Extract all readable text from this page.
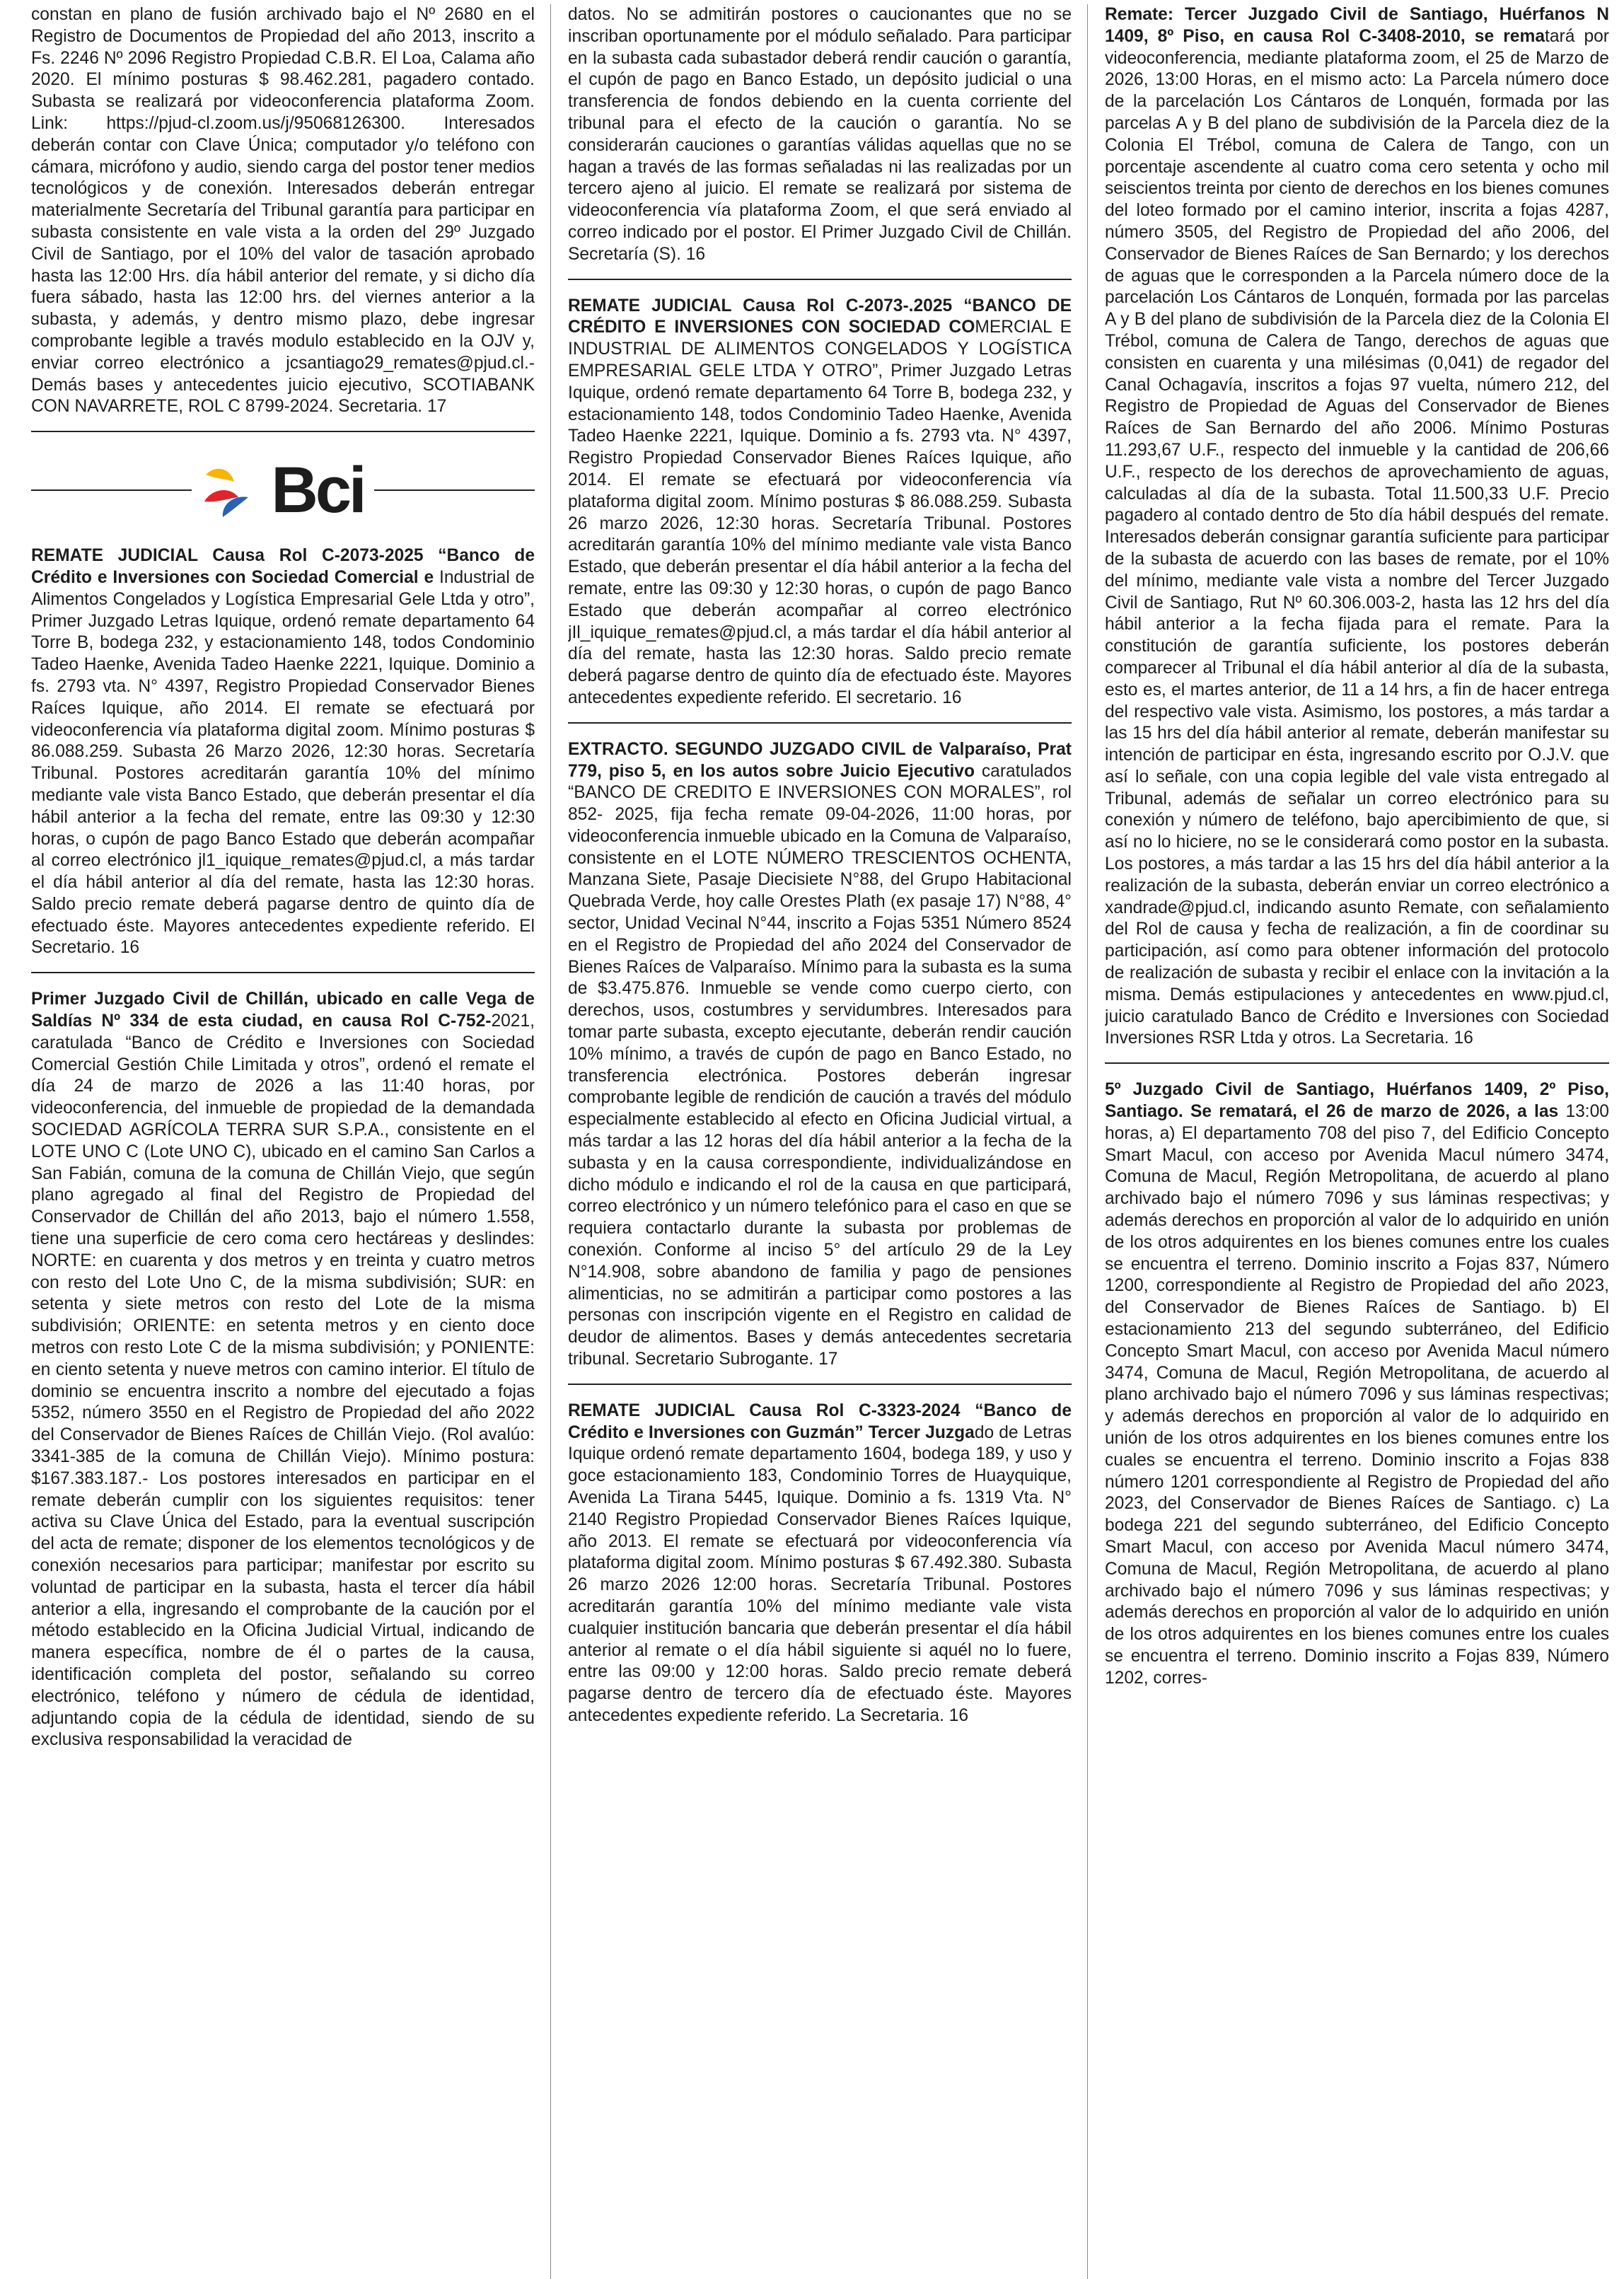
constan en plano de fusión archivado bajo el Nº 2680 en el Registro de Documentos de Propiedad del año 2013, inscrito a Fs. 2246 Nº 2096 Registro Propiedad C.B.R. El Loa, Calama año 2020. El mínimo posturas $ 98.462.281, pagadero contado. Subasta se realizará por videoconferencia plataforma Zoom. Link: https://pjud-cl.zoom.us/j/95068126300. Interesados deberán contar con Clave Única; computador y/o teléfono con cámara, micrófono y audio, siendo carga del postor tener medios tecnológicos y de conexión. Interesados deberán entregar materialmente Secretaría del Tribunal garantía para participar en subasta consistente en vale vista a la orden del 29º Juzgado Civil de Santiago, por el 10% del valor de tasación aprobado hasta las 12:00 Hrs. día hábil anterior del remate, y si dicho día fuera sábado, hasta las 12:00 hrs. del viernes anterior a la subasta, y además, y dentro mismo plazo, debe ingresar comprobante legible a través modulo establecido en la OJV y, enviar correo electrónico a jcsantiago29_remates@pjud.cl.- Demás bases y antecedentes juicio ejecutivo, SCOTIABANK CON NAVARRETE, ROL C 8799-2024. Secretaria. 17

Bci

REMATE JUDICIAL Causa Rol C-2073-2025 “Banco de Crédito e Inversiones con Sociedad Comercial e Industrial de Alimentos Congelados y Logística Empresarial Gele Ltda y otro”, Primer Juzgado Letras Iquique, ordenó remate departamento 64 Torre B, bodega 232, y estacionamiento 148, todos Condominio Tadeo Haenke, Avenida Tadeo Haenke 2221, Iquique. Dominio a fs. 2793 vta. N° 4397, Registro Propiedad Conservador Bienes Raíces Iquique, año 2014. El remate se efectuará por videoconferencia vía plataforma digital zoom. Mínimo posturas $ 86.088.259. Subasta 26 Marzo 2026, 12:30 horas. Secretaría Tribunal. Postores acreditarán garantía 10% del mínimo mediante vale vista Banco Estado, que deberán presentar el día hábil anterior a la fecha del remate, entre las 09:30 y 12:30 horas, o cupón de pago Banco Estado que deberán acompañar al correo electrónico jl1_iquique_remates@pjud.cl, a más tardar el día hábil anterior al día del remate, hasta las 12:30 horas. Saldo precio remate deberá pagarse dentro de quinto día de efectuado éste. Mayores antecedentes expediente referido. El Secretario. 16

Primer Juzgado Civil de Chillán, ubicado en calle Vega de Saldías Nº 334 de esta ciudad, en causa Rol C-752-2021, caratulada “Banco de Crédito e Inversiones con Sociedad Comercial Gestión Chile Limitada y otros”, ordenó el remate el día 24 de marzo de 2026 a las 11:40 horas, por videoconferencia, del inmueble de propiedad de la demandada SOCIEDAD AGRÍCOLA TERRA SUR S.P.A., consistente en el LOTE UNO C (Lote UNO C), ubicado en el camino San Carlos a San Fabián, comuna de la comuna de Chillán Viejo, que según plano agregado al final del Registro de Propiedad del Conservador de Chillán del año 2013, bajo el número 1.558, tiene una superficie de cero coma cero hectáreas y deslindes: NORTE: en cuarenta y dos metros y en treinta y cuatro metros con resto del Lote Uno C, de la misma subdivisión; SUR: en setenta y siete metros con resto del Lote de la misma subdivisión; ORIENTE: en setenta metros y en ciento doce metros con resto Lote C de la misma subdivisión; y PONIENTE: en ciento setenta y nueve metros con camino interior. El título de dominio se encuentra inscrito a nombre del ejecutado a fojas 5352, número 3550 en el Registro de Propiedad del año 2022 del Conservador de Bienes Raíces de Chillán Viejo. (Rol avalúo: 3341-385 de la comuna de Chillán Viejo). Mínimo postura: $167.383.187.- Los postores interesados en participar en el remate deberán cumplir con los siguientes requisitos: tener activa su Clave Única del Estado, para la eventual suscripción del acta de remate; disponer de los elementos tecnológicos y de conexión necesarios para participar; manifestar por escrito su voluntad de participar en la subasta, hasta el tercer día hábil anterior a ella, ingresando el comprobante de la caución por el método establecido en la Oficina Judicial Virtual, indicando de manera específica, nombre de él o partes de la causa, identificación completa del postor, señalando su correo electrónico, teléfono y número de cédula de identidad, adjuntando copia de la cédula de identidad, siendo de su exclusiva responsabilidad la veracidad de

datos. No se admitirán postores o caucionantes que no se inscriban oportunamente por el módulo señalado. Para participar en la subasta cada subastador deberá rendir caución o garantía, el cupón de pago en Banco Estado, un depósito judicial o una transferencia de fondos debiendo en la cuenta corriente del tribunal para el efecto de la caución o garantía. No se considerarán cauciones o garantías válidas aquellas que no se hagan a través de las formas señaladas ni las realizadas por un tercero ajeno al juicio. El remate se realizará por sistema de videoconferencia vía plataforma Zoom, el que será enviado al correo indicado por el postor. El Primer Juzgado Civil de Chillán. Secretaría (S). 16

REMATE JUDICIAL Causa Rol C-2073-.2025 “BANCO DE CRÉDITO E INVERSIONES CON SOCIEDAD COMERCIAL E INDUSTRIAL DE ALIMENTOS CONGELADOS Y LOGÍSTICA EMPRESARIAL GELE LTDA Y OTRO”, Primer Juzgado Letras Iquique, ordenó remate departamento 64 Torre B, bodega 232, y estacionamiento 148, todos Condominio Tadeo Haenke, Avenida Tadeo Haenke 2221, Iquique. Dominio a fs. 2793 vta. N° 4397, Registro Propiedad Conservador Bienes Raíces Iquique, año 2014. El remate se efectuará por videoconferencia vía plataforma digital zoom. Mínimo posturas $ 86.088.259. Subasta 26 marzo 2026, 12:30 horas. Secretaría Tribunal. Postores acreditarán garantía 10% del mínimo mediante vale vista Banco Estado, que deberán presentar el día hábil anterior a la fecha del remate, entre las 09:30 y 12:30 horas, o cupón de pago Banco Estado que deberán acompañar al correo electrónico jIl_iquique_remates@pjud.cl, a más tardar el día hábil anterior al día del remate, hasta las 12:30 horas. Saldo precio remate deberá pagarse dentro de quinto día de efectuado éste. Mayores antecedentes expediente referido. El secretario. 16

EXTRACTO. SEGUNDO JUZGADO CIVIL de Valparaíso, Prat 779, piso 5, en los autos sobre Juicio Ejecutivo caratulados “BANCO DE CREDITO E INVERSIONES CON MORALES”, rol 852- 2025, fija fecha remate 09-04-2026, 11:00 horas, por videoconferencia inmueble ubicado en la Comuna de Valparaíso, consistente en el LOTE NÚMERO TRESCIENTOS OCHENTA, Manzana Siete, Pasaje Diecisiete N°88, del Grupo Habitacional Quebrada Verde, hoy calle Orestes Plath (ex pasaje 17) N°88, 4° sector, Unidad Vecinal N°44, inscrito a Fojas 5351 Número 8524 en el Registro de Propiedad del año 2024 del Conservador de Bienes Raíces de Valparaíso. Mínimo para la subasta es la suma de $3.475.876. Inmueble se vende como cuerpo cierto, con derechos, usos, costumbres y servidumbres. Interesados para tomar parte subasta, excepto ejecutante, deberán rendir caución 10% mínimo, a través de cupón de pago en Banco Estado, no transferencia electrónica. Postores deberán ingresar comprobante legible de rendición de caución a través del módulo especialmente establecido al efecto en Oficina Judicial virtual, a más tardar a las 12 horas del día hábil anterior a la fecha de la subasta y en la causa correspondiente, individualizándose en dicho módulo e indicando el rol de la causa en que participará, correo electrónico y un número telefónico para el caso en que se requiera contactarlo durante la subasta por problemas de conexión. Conforme al inciso 5° del artículo 29 de la Ley N°14.908, sobre abandono de familia y pago de pensiones alimenticias, no se admitirán a participar como postores a las personas con inscripción vigente en el Registro en calidad de deudor de alimentos. Bases y demás antecedentes secretaria tribunal. Secretario Subrogante. 17

REMATE JUDICIAL Causa Rol C-3323-2024 “Banco de Crédito e Inversiones con Guzmán” Tercer Juzgado de Letras Iquique ordenó remate departamento 1604, bodega 189, y uso y goce estacionamiento 183, Condominio Torres de Huayquique, Avenida La Tirana 5445, Iquique. Dominio a fs. 1319 Vta. N° 2140 Registro Propiedad Conservador Bienes Raíces Iquique, año 2013. El remate se efectuará por videoconferencia vía plataforma digital zoom. Mínimo posturas $ 67.492.380. Subasta 26 marzo 2026 12:00 horas. Secretaría Tribunal. Postores acreditarán garantía 10% del mínimo mediante vale vista cualquier institución bancaria que deberán presentar el día hábil anterior al remate o el día hábil siguiente si aquél no lo fuere, entre las 09:00 y 12:00 horas. Saldo precio remate deberá pagarse dentro de tercero día de efectuado éste. Mayores antecedentes expediente referido. La Secretaria. 16

Remate: Tercer Juzgado Civil de Santiago, Huérfanos N 1409, 8º Piso, en causa Rol C-3408-2010, se rematará por videoconferencia, mediante plataforma zoom, el 25 de Marzo de 2026, 13:00 Horas, en el mismo acto: La Parcela número doce de la parcelación Los Cántaros de Lonquén, formada por las parcelas A y B del plano de subdivisión de la Parcela diez de la Colonia El Trébol, comuna de Calera de Tango, con un porcentaje ascendente al cuatro coma cero setenta y ocho mil seiscientos treinta por ciento de derechos en los bienes comunes del loteo formado por el camino interior, inscrita a fojas 4287, número 3505, del Registro de Propiedad del año 2006, del Conservador de Bienes Raíces de San Bernardo; y los derechos de aguas que le corresponden a la Parcela número doce de la parcelación Los Cántaros de Lonquén, formada por las parcelas A y B del plano de subdivisión de la Parcela diez de la Colonia El Trébol, comuna de Calera de Tango, derechos de aguas que consisten en cuarenta y una milésimas (0,041) de regador del Canal Ochagavía, inscritos a fojas 97 vuelta, número 212, del Registro de Propiedad de Aguas del Conservador de Bienes Raíces de San Bernardo del año 2006. Mínimo Posturas 11.293,67 U.F., respecto del inmueble y la cantidad de 206,66 U.F., respecto de los derechos de aprovechamiento de aguas, calculadas al día de la subasta. Total 11.500,33 U.F. Precio pagadero al contado dentro de 5to día hábil después del remate. Interesados deberán consignar garantía suficiente para participar de la subasta de acuerdo con las bases de remate, por el 10% del mínimo, mediante vale vista a nombre del Tercer Juzgado Civil de Santiago, Rut Nº 60.306.003-2, hasta las 12 hrs del día hábil anterior a la fecha fijada para el remate. Para la constitución de garantía suficiente, los postores deberán comparecer al Tribunal el día hábil anterior al día de la subasta, esto es, el martes anterior, de 11 a 14 hrs, a fin de hacer entrega del respectivo vale vista. Asimismo, los postores, a más tardar a las 15 hrs del día hábil anterior al remate, deberán manifestar su intención de participar en ésta, ingresando escrito por O.J.V. que así lo señale, con una copia legible del vale vista entregado al Tribunal, además de señalar un correo electrónico para su conexión y número de teléfono, bajo apercibimiento de que, si así no lo hiciere, no se le considerará como postor en la subasta. Los postores, a más tardar a las 15 hrs del día hábil anterior a la realización de la subasta, deberán enviar un correo electrónico a xandrade@pjud.cl, indicando asunto Remate, con señalamiento del Rol de causa y fecha de realización, a fin de coordinar su participación, así como para obtener información del protocolo de realización de subasta y recibir el enlace con la invitación a la misma. Demás estipulaciones y antecedentes en www.pjud.cl, juicio caratulado Banco de Crédito e Inversiones con Sociedad Inversiones RSR Ltda y otros. La Secretaria. 16

5º Juzgado Civil de Santiago, Huérfanos 1409, 2º Piso, Santiago. Se rematará, el 26 de marzo de 2026, a las 13:00 horas, a) El departamento 708 del piso 7, del Edificio Concepto Smart Macul, con acceso por Avenida Macul número 3474, Comuna de Macul, Región Metropolitana, de acuerdo al plano archivado bajo el número 7096 y sus láminas respectivas; y además derechos en proporción al valor de lo adquirido en unión de los otros adquirentes en los bienes comunes entre los cuales se encuentra el terreno. Dominio inscrito a Fojas 837, Número 1200, correspondiente al Registro de Propiedad del año 2023, del Conservador de Bienes Raíces de Santiago. b) El estacionamiento 213 del segundo subterráneo, del Edificio Concepto Smart Macul, con acceso por Avenida Macul número 3474, Comuna de Macul, Región Metropolitana, de acuerdo al plano archivado bajo el número 7096 y sus láminas respectivas; y además derechos en proporción al valor de lo adquirido en unión de los otros adquirentes en los bienes comunes entre los cuales se encuentra el terreno. Dominio inscrito a Fojas 838 número 1201 correspondiente al Registro de Propiedad del año 2023, del Conservador de Bienes Raíces de Santiago. c) La bodega 221 del segundo subterráneo, del Edificio Concepto Smart Macul, con acceso por Avenida Macul número 3474, Comuna de Macul, Región Metropolitana, de acuerdo al plano archivado bajo el número 7096 y sus láminas respectivas; y además derechos en proporción al valor de lo adquirido en unión de los otros adquirentes en los bienes comunes entre los cuales se encuentra el terreno. Dominio inscrito a Fojas 839, Número 1202, corres-
